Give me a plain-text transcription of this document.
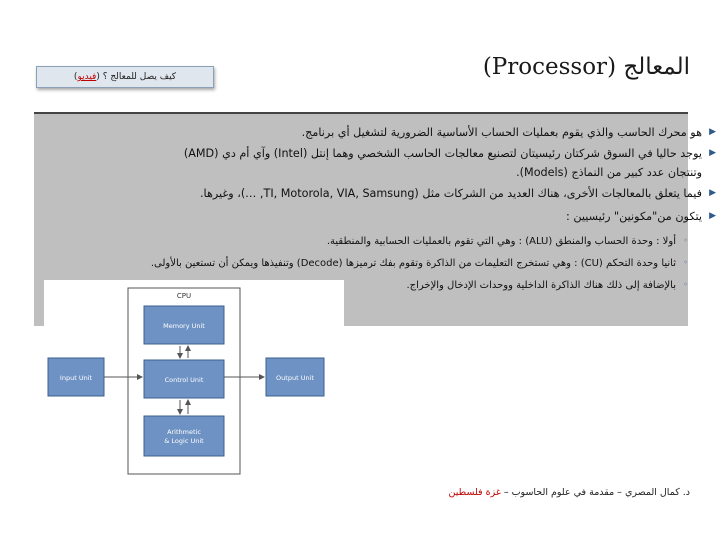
كيف يصل للمعالج ؟ (فيديو)	المعالج (Processor)
▶
هو محرك الحاسب والذي يقوم بعمليات الحساب الأساسية الضرورية لتشغيل أي برنامج.
▶
يوجد حاليا في السوق شركتان رئيسيتان لتصنيع معالجات الحاسب الشخصي وهما إنتل (Intel) وآي أم دي (AMD)
وتنتجان عدد كبير من النماذج (Models).
▶
فيما يتعلق بالمعالجات الأخرى، هناك العديد من الشركات مثل (TI, Motorola, VIA, Samsung, …)، وغيرها.
▶
يتكون من"مكونين" رئيسيين :
◦
أولا : وحدة الحساب والمنطق (ALU) : وهي التي تقوم بالعمليات الحسابية والمنطقية.
◦
ثانيا وحدة التحكم (CU) : وهي تستخرج التعليمات من الذاكرة وتقوم بفك ترميزها (Decode) وتنفيذها ويمكن أن تستعين بالأولى.
◦
بالإضافة إلى ذلك هناك الذاكرة الداخلية ووحدات الإدخال والإخراج.
CPU
Memory Unit
Control Unit
Arithmetic
& Logic Unit
Input Unit	Output Unit
د. كمال المصري – مقدمة في علوم الحاسوب – غزة فلسطين
